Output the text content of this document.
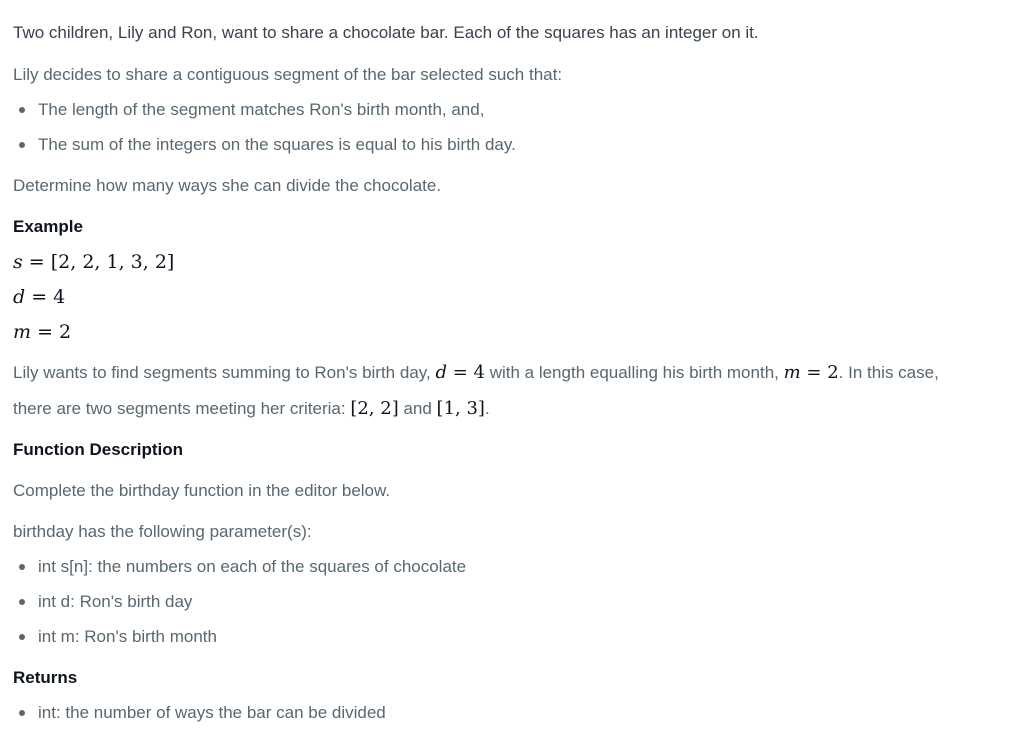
Two children, Lily and Ron, want to share a chocolate bar. Each of the squares has an integer on it.
Lily decides to share a contiguous segment of the bar selected such that:
The length of the segment matches Ron's birth month, and,
The sum of the integers on the squares is equal to his birth day.
Determine how many ways she can divide the chocolate.
Example
s = [2, 2, 1, 3, 2]
d = 4
m = 2
Lily wants to find segments summing to Ron's birth day, d = 4 with a length equalling his birth month, m = 2. In this case,
there are two segments meeting her criteria: [2, 2] and [1, 3].
Function Description
Complete the birthday function in the editor below.
birthday has the following parameter(s):
int s[n]: the numbers on each of the squares of chocolate
int d: Ron's birth day
int m: Ron's birth month
Returns
int: the number of ways the bar can be divided
